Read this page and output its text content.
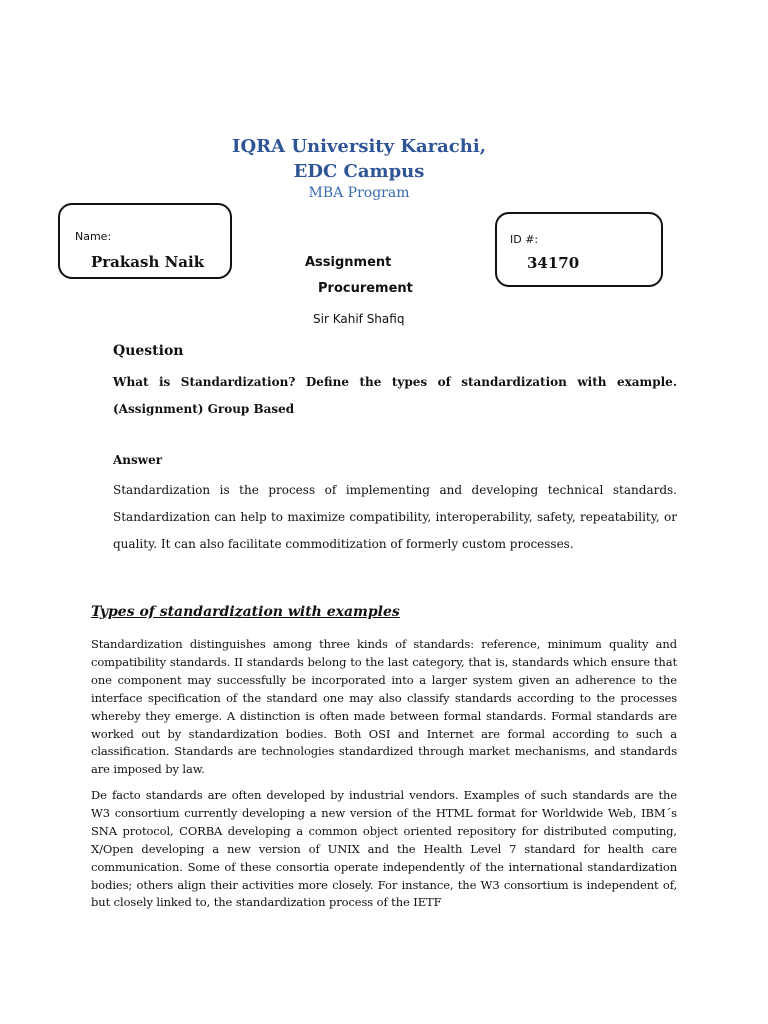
IQRA University Karachi,
EDC Campus
MBA Program
Name:
Prakash Naik	Assignment
Procurement
Sir Kahif Shafiq
ID #:
34170
Question
What is Standardization? Define the types of standardization with example. (Assignment) Group Based
Answer
Standardization is the process of implementing and developing technical standards. Standardization can help to maximize compatibility, interoperability, safety, repeatability, or quality. It can also facilitate commoditization of formerly custom processes.
Types of standardization with examples
Standardization distinguishes among three kinds of standards: reference, minimum quality and compatibility standards. II standards belong to the last category, that is, standards which ensure that one component may successfully be incorporated into a larger system given an adherence to the interface specification of the standard one may also classify standards according to the processes whereby they emerge. A distinction is often made between formal standards. Formal standards are worked out by standardization bodies. Both OSI and Internet are formal according to such a classification. Standards are technologies standardized through market mechanisms, and standards are imposed by law.
De facto standards are often developed by industrial vendors. Examples of such standards are the W3 consortium currently developing a new version of the HTML format for Worldwide Web, IBM´s SNA protocol, CORBA developing a common object oriented repository for distributed computing, X/Open developing a new version of UNIX and the Health Level 7 standard for health care communication. Some of these consortia operate independently of the international standardization bodies; others align their activities more closely. For instance, the W3 consortium is independent of, but closely linked to, the standardization process of the IETF
